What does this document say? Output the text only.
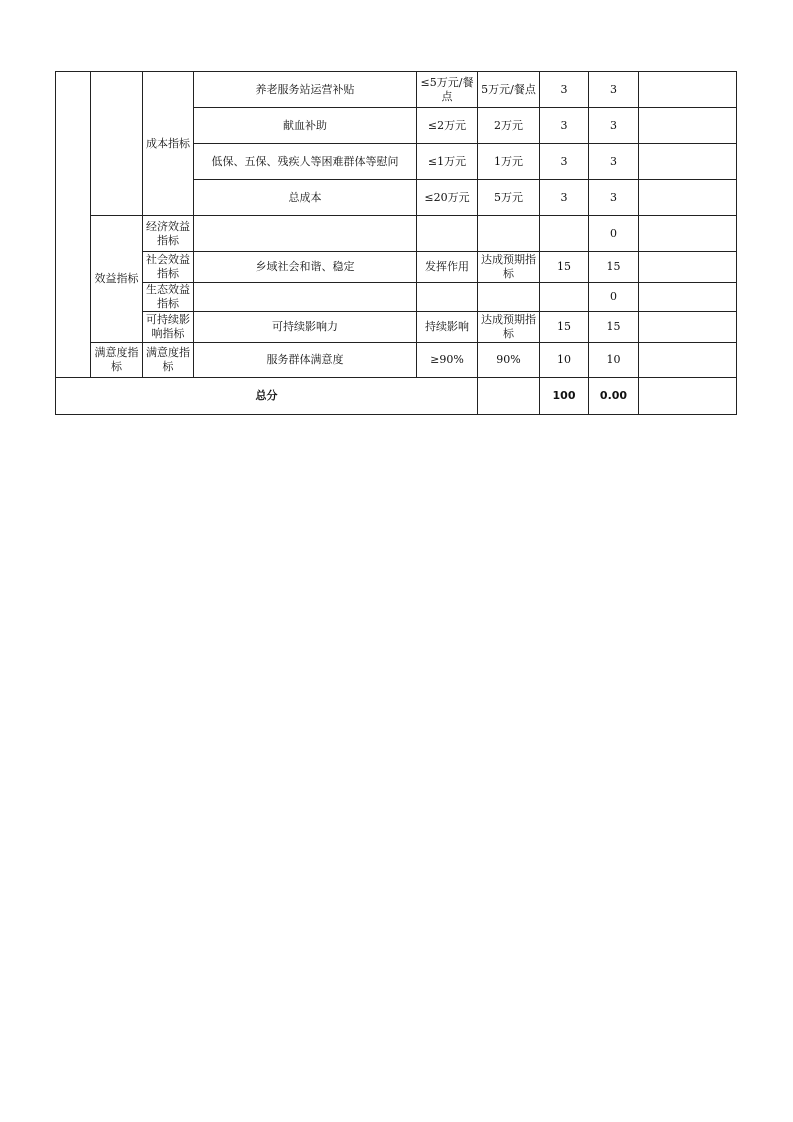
		成本指标	养老服务站运营补贴	≤5万元/餐点	5万元/餐点	3	3	
			献血补助	≤2万元	2万元	3	3	
			低保、五保、残疾人等困难群体等慰问	≤1万元	1万元	3	3	
			总成本	≤20万元	5万元	3	3	
	效益指标	经济效益指标					0	
		社会效益指标	乡域社会和谐、稳定	发挥作用	达成预期指标	15	15	
		生态效益指标					0	
		可持续影响指标	可持续影响力	持续影响	达成预期指标	15	15	
	满意度指标	满意度指标	服务群体满意度	≥90%	90%	10	10	
总分						100	0.00	
